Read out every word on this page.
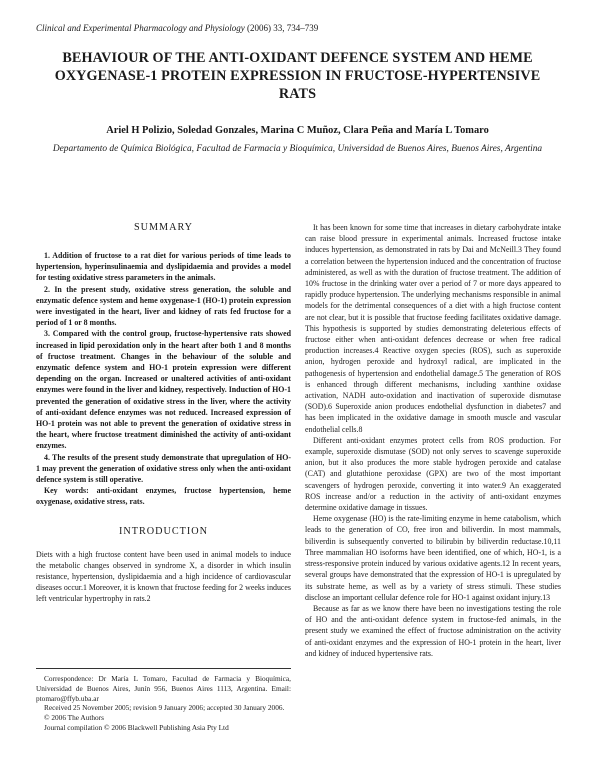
Clinical and Experimental Pharmacology and Physiology (2006) 33, 734–739
BEHAVIOUR OF THE ANTI-OXIDANT DEFENCE SYSTEM AND HEME OXYGENASE-1 PROTEIN EXPRESSION IN FRUCTOSE-HYPERTENSIVE RATS
Ariel H Polizio, Soledad Gonzales, Marina C Muñoz, Clara Peña and María L Tomaro
Departamento de Química Biológica, Facultad de Farmacia y Bioquímica, Universidad de Buenos Aires, Buenos Aires, Argentina
SUMMARY

1. Addition of fructose to a rat diet for various periods of time leads to hypertension, hyperinsulinaemia and dyslipidaemia and provides a model for testing oxidative stress parameters in the animals.

2. In the present study, oxidative stress generation, the soluble and enzymatic defence system and heme oxygenase-1 (HO-1) protein expression were investigated in the heart, liver and kidney of rats fed fructose for a period of 1 or 8 months.

3. Compared with the control group, fructose-hypertensive rats showed increased in lipid peroxidation only in the heart after both 1 and 8 months of fructose treatment. Changes in the behaviour of the soluble and enzymatic defence system and HO-1 protein expression were different depending on the organ. Increased or unaltered activities of anti-oxidant enzymes were found in the liver and kidney, respectively. Induction of HO-1 prevented the generation of oxidative stress in the liver, where the activity of anti-oxidant defence enzymes was not reduced. Increased expression of HO-1 protein was not able to prevent the generation of oxidative stress in the heart, where fructose treatment diminished the activity of anti-oxidant enzymes.

4. The results of the present study demonstrate that upregulation of HO-1 may prevent the generation of oxidative stress only when the anti-oxidant defence system is still operative.

Key words: anti-oxidant enzymes, fructose hypertension, heme oxygenase, oxidative stress, rats.

INTRODUCTION

Diets with a high fructose content have been used in animal models to induce the metabolic changes observed in syndrome X, a disorder in which insulin resistance, hypertension, dyslipidaemia and a high incidence of cardiovascular diseases occur.1 Moreover, it is known that fructose feeding for 2 weeks induces left ventricular hypertrophy in rats.2

Correspondence: Dr María L Tomaro, Facultad de Farmacia y Bioquímica, Universidad de Buenos Aires, Junín 956, Buenos Aires 1113, Argentina. Email: ptomaro@ffyb.uba.ar

Received 25 November 2005; revision 9 January 2006; accepted 30 January 2006.

© 2006 The Authors

Journal compilation © 2006 Blackwell Publishing Asia Pty Ltd

It has been known for some time that increases in dietary carbohydrate intake can raise blood pressure in experimental animals. Increased fructose intake induces hypertension, as demonstrated in rats by Dai and McNeill.3 They found a correlation between the hypertension induced and the concentration of fructose administered, as well as with the duration of fructose treatment. The addition of 10% fructose in the drinking water over a period of 7 or more days appeared to rapidly produce hypertension. The underlying mechanisms responsible in animal models for the detrimental consequences of a diet with a high fructose content are not clear, but it is possible that fructose feeding facilitates oxidative damage. This hypothesis is supported by studies demonstrating deleterious effects of fructose either when anti-oxidant defences decrease or when free radical production increases.4 Reactive oxygen species (ROS), such as superoxide anion, hydrogen peroxide and hydroxyl radical, are implicated in the pathogenesis of hypertension and endothelial damage.5 The generation of ROS is enhanced through different mechanisms, including xanthine oxidase activation, NADH auto-oxidation and inactivation of superoxide dismutase (SOD).6 Superoxide anion produces endothelial dysfunction in diabetes7 and has been implicated in the oxidative damage in smooth muscle and vascular endothelial cells.8

Different anti-oxidant enzymes protect cells from ROS production. For example, superoxide dismutase (SOD) not only serves to scavenge superoxide anion, but it also produces the more stable hydrogen peroxide and catalase (CAT) and glutathione peroxidase (GPX) are two of the most important scavengers of hydrogen peroxide, converting it into water.9 An exaggerated ROS increase and/or a reduction in the activity of anti-oxidant enzymes determine oxidative damage in tissues.

Heme oxygenase (HO) is the rate-limiting enzyme in heme catabolism, which leads to the generation of CO, free iron and biliverdin. In most mammals, biliverdin is subsequently converted to bilirubin by biliverdin reductase.10,11 Three mammalian HO isoforms have been identified, one of which, HO-1, is a stress-responsive protein induced by various oxidative agents.12 In recent years, several groups have demonstrated that the expression of HO-1 is upregulated by its substrate heme, as well as by a variety of stress stimuli. These studies disclose an important cellular defence role for HO-1 against oxidant injury.13

Because as far as we know there have been no investigations testing the role of HO and the anti-oxidant defence system in fructose-fed animals, in the present study we examined the effect of fructose administration on the activity of anti-oxidant enzymes and the expression of HO-1 protein in the heart, liver and kidney of induced hypertensive rats.
